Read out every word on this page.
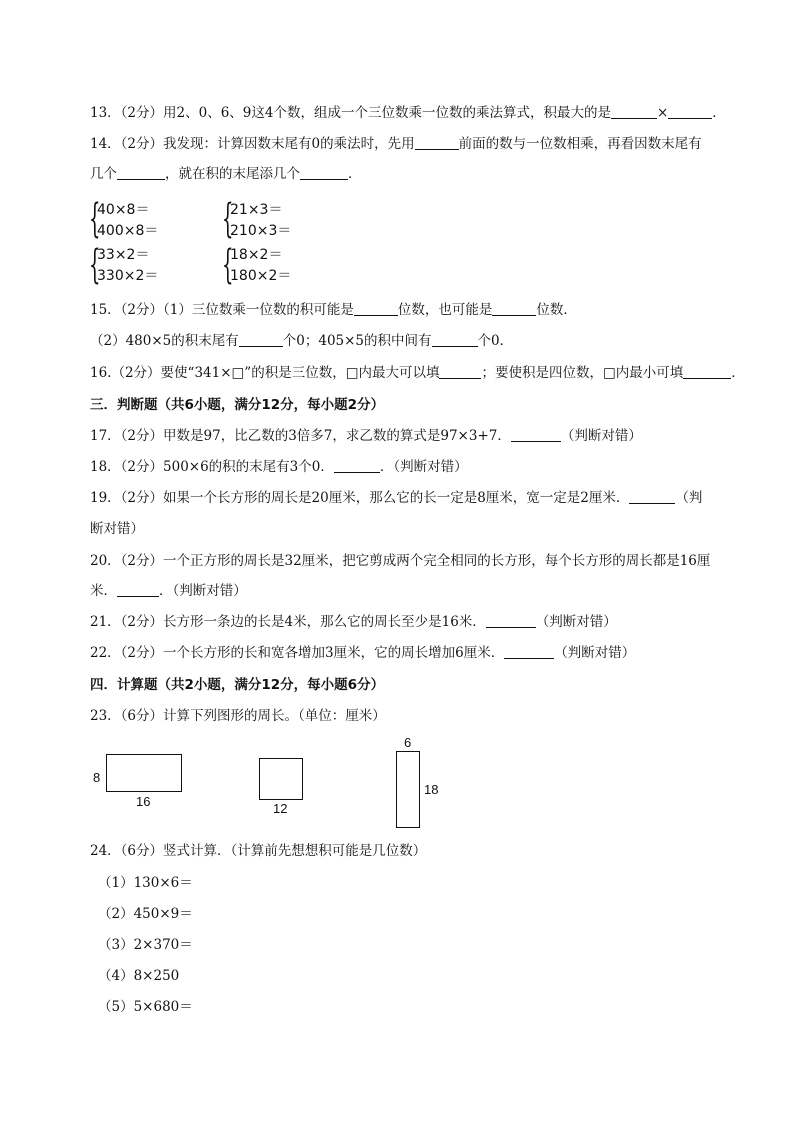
13．（2分）用2、0、6、9这4个数，组成一个三位数乘一位数的乘法算式，积最大的是	×	．
14．（2分）我发现：计算因数末尾有0的乘法时，先用	前面的数与一位数相乘，再看因数末尾有
几个	，就在积的末尾添几个	．
{
40×8＝
400×8＝ {
21×3＝
210×3＝
{
33×2＝
330×2＝ {
18×2＝
180×2＝
15．（2分）（1）三位数乘一位数的积可能是	位数，也可能是	位数．
（2）480×5的积末尾有	个0；405×5的积中间有	个0．
16.（2分）要使“341×□”的积是三位数，□内最大可以填	；要使积是四位数，□内最小可填	．
三．判断题（共6小题，满分12分，每小题2分）
17．（2分）甲数是97，比乙数的3倍多7，求乙数的算式是97×3+7．	（判断对错）
18．（2分）500×6的积的末尾有3个0．	．（判断对错）
19．（2分）如果一个长方形的周长是20厘米，那么它的长一定是8厘米，宽一定是2厘米．	（判
断对错）
20．（2分）一个正方形的周长是32厘米，把它剪成两个完全相同的长方形，每个长方形的周长都是16厘
米．	．（判断对错）
21．（2分）长方形一条边的长是4米，那么它的周长至少是16米．	（判断对错）
22．（2分）一个长方形的长和宽各增加3厘米，它的周长增加6厘米．	（判断对错）
四．计算题（共2小题，满分12分，每小题6分）
23．（6分）计算下列图形的周长。（单位：厘米）
8
16	12
6
18
24．（6分）竖式计算．（计算前先想想积可能是几位数）
（1）130×6＝
（2）450×9＝
（3）2×370＝
（4）8×250
（5）5×680＝
